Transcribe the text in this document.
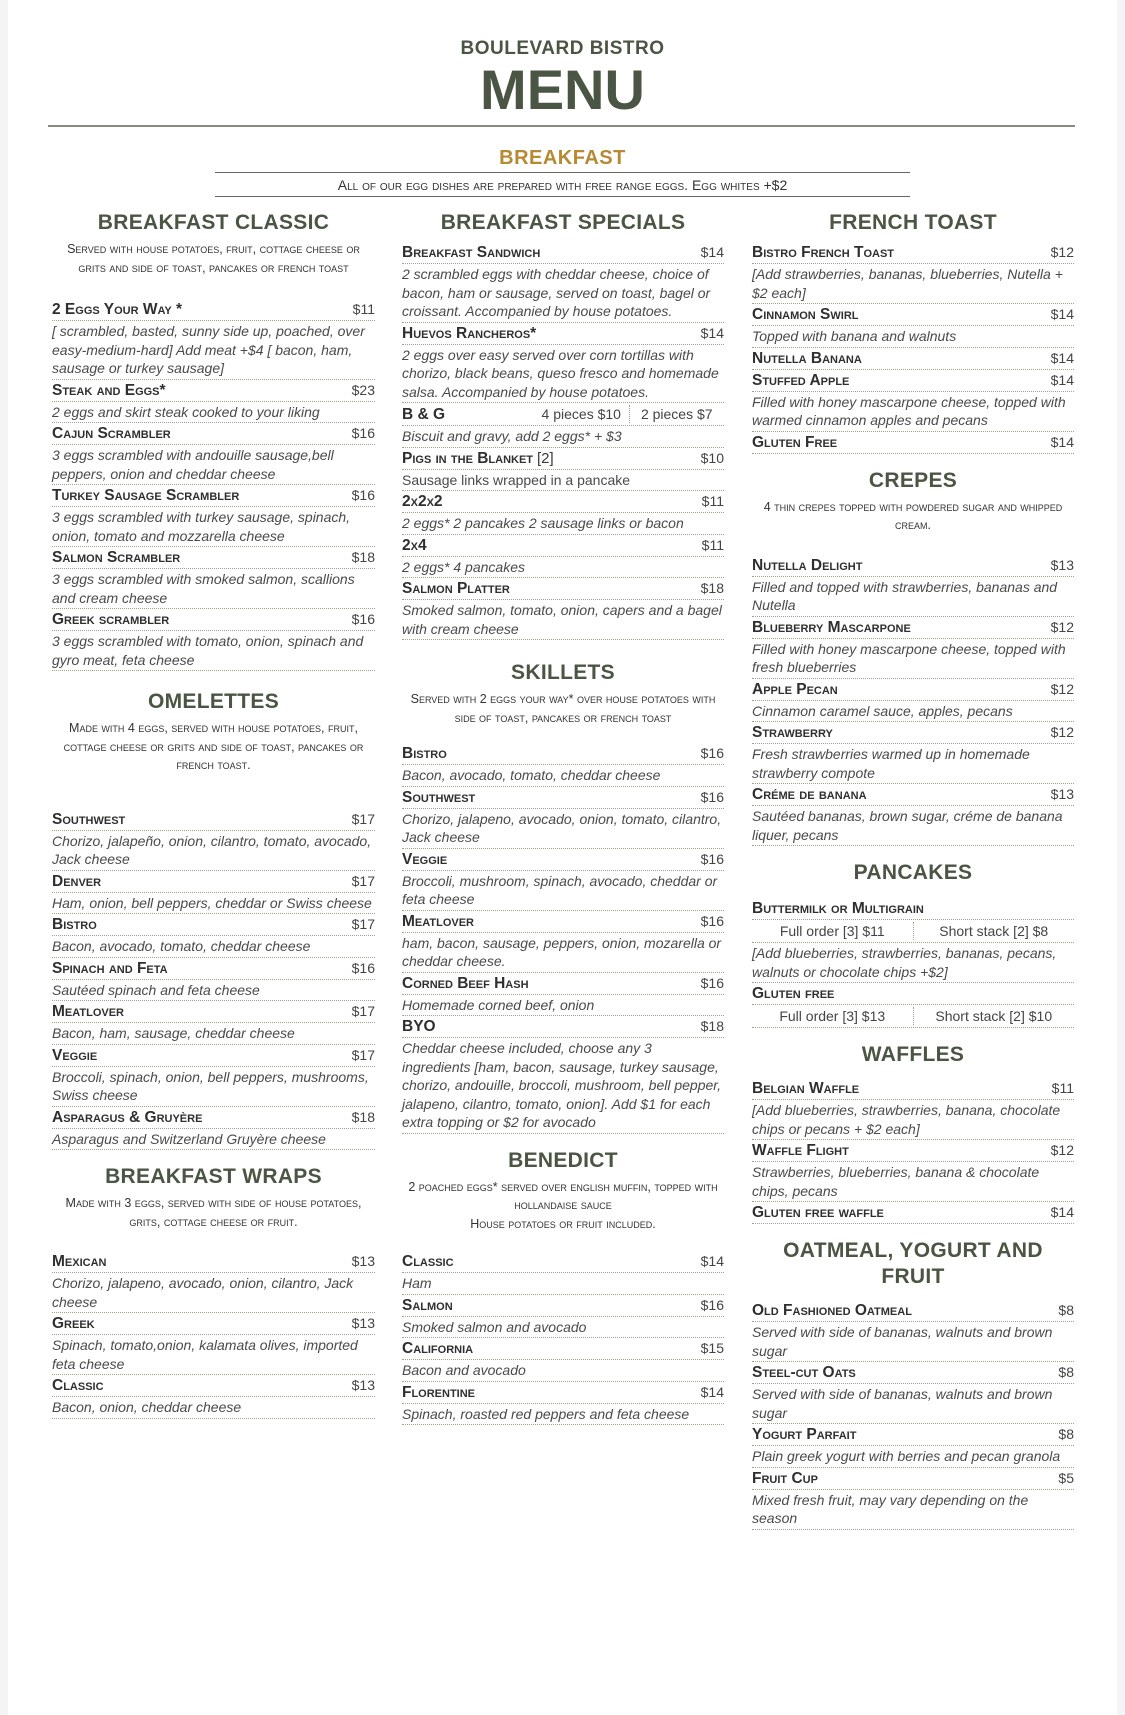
BOULEVARD BISTRO
MENU
BREAKFAST
All of our egg dishes are prepared with free range eggs. Egg whites +$2
BREAKFAST CLASSIC
Served with house potatoes, fruit, cottage cheese or grits and side of toast, pancakes or french toast
2 Eggs Your Way *	$11
[ scrambled, basted, sunny side up, poached, over easy-medium-hard] Add meat +$4 [ bacon, ham, sausage or turkey sausage]
Steak and Eggs*	$23
2 eggs and skirt steak cooked to your liking
Cajun Scrambler	$16
3 eggs scrambled with andouille sausage,bell peppers, onion and cheddar cheese
Turkey Sausage Scrambler	$16
3 eggs scrambled with turkey sausage, spinach, onion, tomato and mozzarella cheese
Salmon Scrambler	$18
3 eggs scrambled with smoked salmon, scallions and cream cheese
Greek scrambler	$16
3 eggs scrambled with tomato, onion, spinach and gyro meat, feta cheese
OMELETTES
Made with 4 eggs, served with house potatoes, fruit, cottage cheese or grits and side of toast, pancakes or french toast.
Southwest	$17
Chorizo, jalapeño, onion, cilantro, tomato, avocado, Jack cheese
Denver	$17
Ham, onion, bell peppers, cheddar or Swiss cheese
Bistro	$17
Bacon, avocado, tomato, cheddar cheese
Spinach and Feta	$16
Sautéed spinach and feta cheese
Meatlover	$17
Bacon, ham, sausage, cheddar cheese
Veggie	$17
Broccoli, spinach, onion, bell peppers, mushrooms, Swiss cheese
Asparagus & Gruyère	$18
Asparagus and Switzerland Gruyère cheese
BREAKFAST WRAPS
Made with 3 eggs, served with side of house potatoes, grits, cottage cheese or fruit.
Mexican	$13
Chorizo, jalapeno, avocado, onion, cilantro, Jack cheese
Greek	$13
Spinach, tomato,onion, kalamata olives, imported feta cheese
Classic	$13
Bacon, onion, cheddar cheese
BREAKFAST SPECIALS
Breakfast Sandwich	$14
2 scrambled eggs with cheddar cheese, choice of bacon, ham or sausage, served on toast, bagel or croissant. Accompanied by house potatoes.
Huevos Rancheros*	$14
2 eggs over easy served over corn tortillas with chorizo, black beans, queso fresco and homemade salsa. Accompanied by house potatoes.
B & G	4 pieces $10	2 pieces $7
Biscuit and gravy, add 2 eggs* + $3
Pigs in the Blanket [2]	$10
Sausage links wrapped in a pancake
2x2x2	$11
2 eggs* 2 pancakes 2 sausage links or bacon
2x4	$11
2 eggs* 4 pancakes
Salmon Platter	$18
Smoked salmon, tomato, onion, capers and a bagel with cream cheese
SKILLETS
Served with 2 eggs your way* over house potatoes with side of toast, pancakes or french toast
Bistro	$16
Bacon, avocado, tomato, cheddar cheese
Southwest	$16
Chorizo, jalapeno, avocado, onion, tomato, cilantro, Jack cheese
Veggie	$16
Broccoli, mushroom, spinach, avocado, cheddar or feta cheese
Meatlover	$16
ham, bacon, sausage, peppers, onion, mozarella or cheddar cheese.
Corned Beef Hash	$16
Homemade corned beef, onion
BYO	$18
Cheddar cheese included, choose any 3 ingredients [ham, bacon, sausage, turkey sausage, chorizo, andouille, broccoli, mushroom, bell pepper, jalapeno, cilantro, tomato, onion]. Add $1 for each extra topping or $2 for avocado
BENEDICT
2 poached eggs* served over english muffin, topped with hollandaise sauce
House potatoes or fruit included.
Classic	$14
Ham
Salmon	$16
Smoked salmon and avocado
California	$15
Bacon and avocado
Florentine	$14
Spinach, roasted red peppers and feta cheese
FRENCH TOAST
Bistro French Toast	$12
[Add strawberries, bananas, blueberries, Nutella + $2 each]
Cinnamon Swirl	$14
Topped with banana and walnuts
Nutella Banana	$14
Stuffed Apple	$14
Filled with honey mascarpone cheese, topped with warmed cinnamon apples and pecans
Gluten Free	$14
CREPES
4 thin crepes topped with powdered sugar and whipped cream.
Nutella Delight	$13
Filled and topped with strawberries, bananas and Nutella
Blueberry Mascarpone	$12
Filled with honey mascarpone cheese, topped with fresh blueberries
Apple Pecan	$12
Cinnamon caramel sauce, apples, pecans
Strawberry	$12
Fresh strawberries warmed up in homemade strawberry compote
Créme de banana	$13
Sautéed bananas, brown sugar, créme de banana liquer, pecans
PANCAKES
Buttermilk or Multigrain
Full order [3] $11	Short stack [2] $8
[Add blueberries, strawberries, bananas, pecans, walnuts or chocolate chips +$2]
Gluten free
Full order [3] $13	Short stack [2] $10
WAFFLES
Belgian Waffle	$11
[Add blueberries, strawberries, banana, chocolate chips or pecans + $2 each]
Waffle Flight	$12
Strawberries, blueberries, banana & chocolate chips, pecans
Gluten free waffle	$14
OATMEAL, YOGURT AND FRUIT
Old Fashioned Oatmeal	$8
Served with side of bananas, walnuts and brown sugar
Steel-cut Oats	$8
Served with side of bananas, walnuts and brown sugar
Yogurt Parfait	$8
Plain greek yogurt with berries and pecan granola
Fruit Cup	$5
Mixed fresh fruit, may vary depending on the season
